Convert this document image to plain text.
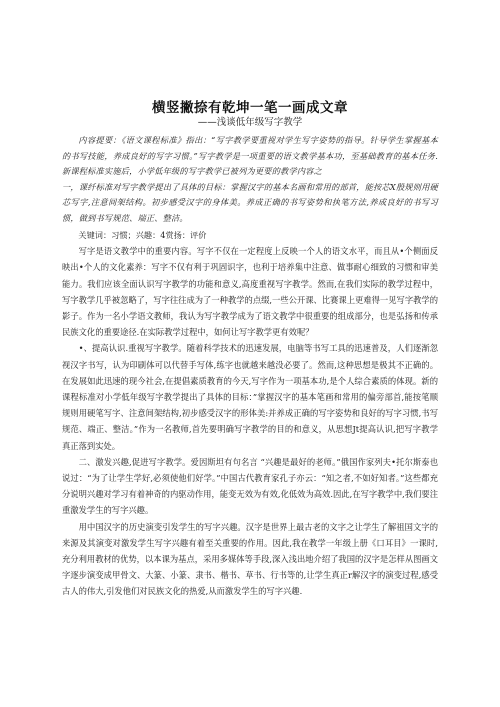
横竖撇捺有乾坤一笔一画成文章
——浅谈低年级写字教学

内容提要：《语文课程标准》指出：“写字教学要重视对学生写字姿势的指导。针导学生掌握基本的书写技能，养成良好的写字习惯。”写字教学是一项重要的语文教学基本功，至基础教育的基本任务.新课程标准实施后，小学低年级的写字教学已被列为更要的教学内容之

一，课纤标准对写字教学提出了具体的目标：掌握汉字的基本名画和常用的部首，能按芯X殷规则用硬芯写字,注意间架结构。初步感受汉字的身体美。养成正确的书写姿势和执笔方法,养成良好的书写习惯，做到书写规范、端正、整洁。

关键词：习惯；兴趣：4赏扬：评价

写字是语文教学中的重要内容。写字不仅在一定程度上反映一个人的语文水平，而且从•个侧面反映出•个人的文化素养：写字不仅有利于巩固识字，也利于培养集中注意、做事耐心细致的习惯和审美能力。我们应该全面认识写字教学的功能和意义,高度重视写字教学。然而,在我们实际的教学过程中，写字教学几乎被忽略了，写字往往成为了一种教学的点缀,一些公开课、比赛课上更难得一见写字教学的影子。作为一名小学语文教师，我认为写字教学成为了语文教学中很重要的组成部分，也是弘扬和传承民族文化的重要途径.在实际教学过程中，如何让写字教学更有效呢？

•、提高认识.重视写字教学。随着科学技术的迅速发展，电脑等书写工具的迅速普及，人们逐渐忽视汉字书写，认为印刷体可以代替手写体,练字也就越来越没必要了。然而,这种思想是极其不正确的。在发展如此迅速的现今社会,在提倡素质教育的今天,写字作为一项基本功,是个人综合素质的体现。新的课程标准对小学低年级写字教学提出了具体的目标：”掌握汉字的基本笔画和常用的偏旁部首,能按笔顺规则用硬笔写字、注意间架结构,初步感受汉字的形体美:并养成正确的写字姿势和良好的写字习惯,书写规范、端正、整洁。”作为一名教师,首先要明确写字教学的目的和意义，从思想Jt提高认识,把写字教学真正落到实处。

二、激发兴趣,促进写字教学。爱因斯坦有句名言 “兴趣是最好的老师。”俄国作家列夫•托尔斯泰也说过：“为了让学生学好,必须使他们好学。”中国古代教育家孔子亦云：“知之者,不如好知者。”这些都充分说明兴趣对学习有着神奇的内驱动作用，能变无效为有效,化低效为高效.因此,在写字教学中,我们要注重激发学生的写字兴趣。

用中国汉字的历史演变引发学生的写字兴趣。汉字是世界上最古老的文字之让学生了解祖国文字的来源及其演变对激发学生写字兴趣有着至关重要的作用。因此,我在教学一年级上册《口耳目》一课时,充分利用教材的优势，以本课为基点，采用多媒体等手段,深入浅出地介绍了我国的汉字是怎样从图画文字逐步演变成甲骨文、大篆、小篆、隶书、楷书、草书、行书等的,让学生真正r解汉字的演变过程,感受古人的伟大,引发他们对民族文化的热爱,从而激发学生的写字兴趣.
